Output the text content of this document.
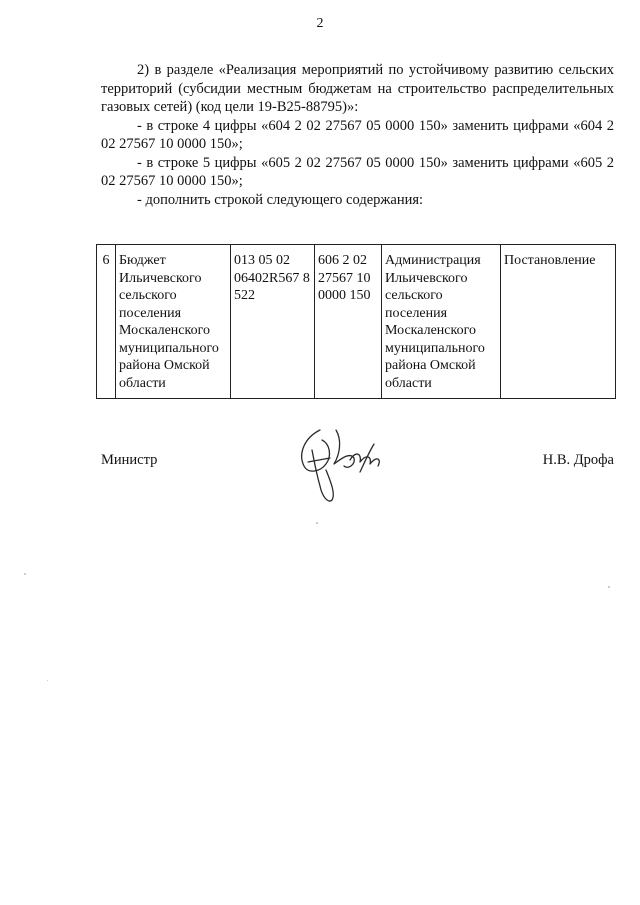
2

2) в разделе «Реализация мероприятий по устойчивому развитию сельских территорий (субсидии местным бюджетам на строительство распределительных газовых сетей) (код цели 19-В25-88795)»:

- в строке 4 цифры «604 2 02 27567 05 0000 150» заменить цифрами «604 2 02 27567 10 0000 150»;

- в строке 5 цифры «605 2 02 27567 05 0000 150» заменить цифрами «605 2 02 27567 10 0000 150»;

- дополнить строкой следующего содержания:

6	Бюджет Ильичевского сельского поселения Москаленского муниципального района Омской области	013 05 02 06402R567 8 522	606 2 02 27567 10 0000 150	Администрация Ильичевского сельского поселения Москаленского муниципального района Омской области	Постановление
Министр	Н.В. Дрофа
